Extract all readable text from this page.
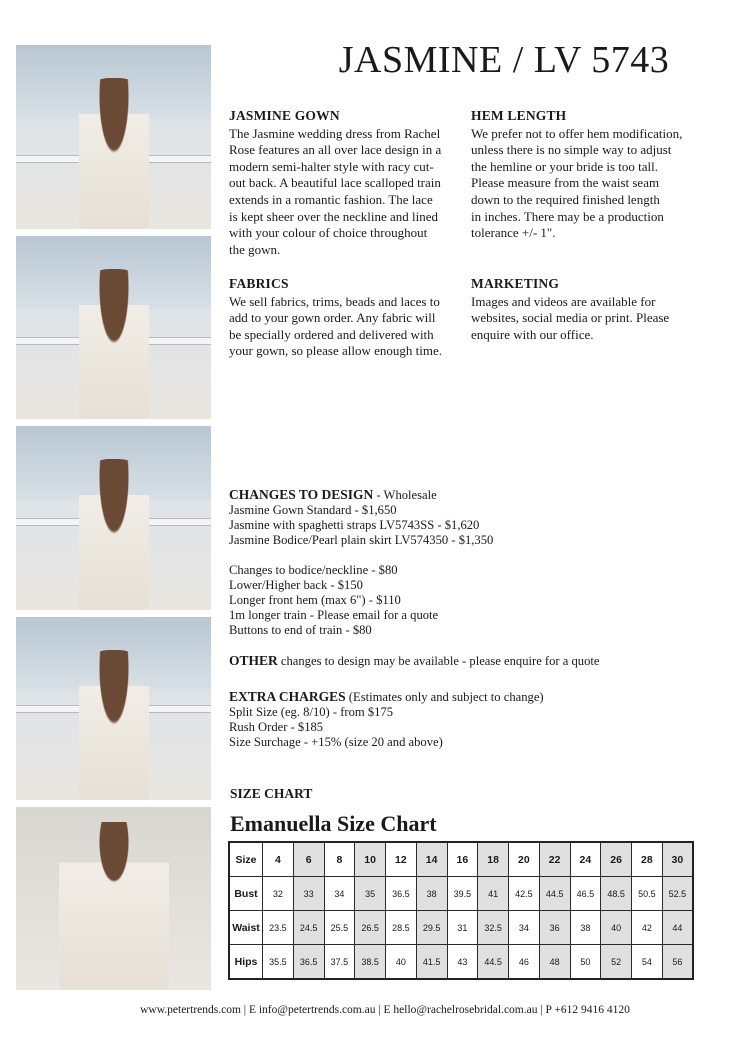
JASMINE / LV 5743
JASMINE GOWN

The Jasmine wedding dress from Rachel
Rose features an all over lace design in a
modern semi-halter style with racy cut-
out back. A beautiful lace scalloped train
extends in a romantic fashion. The lace
is kept sheer over the neckline and lined
with your colour of choice throughout
the gown.

HEM LENGTH

We prefer not to offer hem modification,
unless there is no simple way to adjust
the hemline or your bride is too tall.
Please measure from the waist seam
down to the required finished length
in inches. There may be a production
tolerance +/- 1".

FABRICS

We sell fabrics, trims, beads and laces to
add to your gown order. Any fabric will
be specially ordered and delivered with
your gown, so please allow enough time.

MARKETING

Images and videos are available for
websites, social media or print. Please
enquire with our office.

CHANGES TO DESIGN - Wholesale
Jasmine Gown Standard - $1,650
Jasmine with spaghetti straps LV5743SS - $1,620
Jasmine Bodice/Pearl plain skirt LV574350 - $1,350
Changes to bodice/neckline - $80
Lower/Higher back - $150
Longer front hem (max 6") - $110
1m longer train - Please email for a quote
Buttons to end of train - $80
OTHER changes to design may be available - please enquire for a quote
EXTRA CHARGES (Estimates only and subject to change)
Split Size (eg. 8/10) - from $175
Rush Order - $185
Size Surchage - +15% (size 20 and above)
SIZE CHART
Emanuella Size Chart
Size	4	6	8	10	12	14	16	18	20	22	24	26	28	30
Bust	32	33	34	35	36.5	38	39.5	41	42.5	44.5	46.5	48.5	50.5	52.5
Waist	23.5	24.5	25.5	26.5	28.5	29.5	31	32.5	34	36	38	40	42	44
Hips	35.5	36.5	37.5	38.5	40	41.5	43	44.5	46	48	50	52	54	56
www.petertrends.com | E info@petertrends.com.au | E hello@rachelrosebridal.com.au | P +612 9416 4120
